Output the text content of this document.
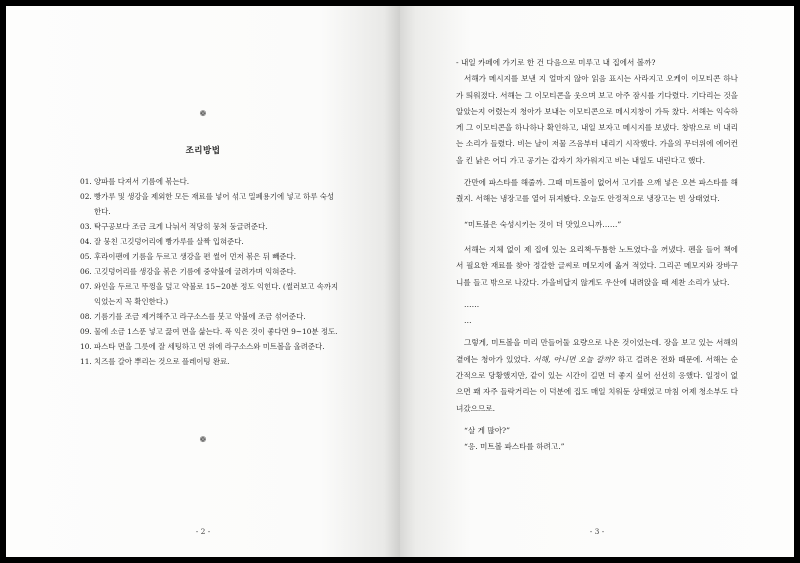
❁
조리방법
01. 양파를 다져서 기름에 볶는다.
02. 빵가루 및 생강을 제외한 모든 재료를 넣어 섞고 밀폐용기에 넣고 하루 숙성한다.
03. 탁구공보다 조금 크게 나눠서 적당히 뭉쳐 둥글려준다.
04. 잘 뭉친 고깃덩어리에 빵가루를 살짝 입혀준다.
05. 후라이팬에 기름을 두르고 생강을 편 썰어 먼저 볶은 뒤 빼준다.
06. 고깃덩어리를 생강을 볶은 기름에 중약불에 굴려가며 익혀준다.
07. 와인을 두르고 뚜껑을 덮고 약불로 15~20분 정도 익힌다. (썰러보고 속까지 익었는지 꼭 확인한다.)
08. 기름기를 조금 제거해주고 라구소스를 붓고 약불에 조금 섞어준다.
09. 물에 소금 1스푼 넣고 끓여 면을 삶는다. 푹 익은 것이 좋다면 9~10분 정도.
10. 파스타 면을 그릇에 잘 세팅하고 면 위에 라구소스와 미트볼을 올려준다.
11. 치즈를 갈아 뿌리는 것으로 플레이팅 완료.
❁
- 2 -

- 내일 카페에 가기로 한 건 다음으로 미루고 내 집에서 볼까?

서해가 메시지를 보낸 지 얼마지 않아 읽음 표시는 사라지고 오케이 이모티콘 하나가 띄워졌다. 서해는 그 이모티콘을 웃으며 보고 아주 잠시를 기다렸다. 기다리는 것을 알았는지 어렸는지 청아가 보내는 이모티콘으로 메시지창이 가득 찼다. 서해는 익숙하게 그 이모티콘을 하나하나 확인하고, 내일 보자고 메시지를 보냈다. 창밖으로 비 내리는 소리가 들렸다. 비는 날이 저물 즈음부터 내리기 시작했다. 가을의 무더위에 에어컨을 킨 낡은 어디 가고 공기는 갑자기 차가워지고 비는 내일도 내린다고 했다.

간만에 파스타를 해줄까. 그때 미트볼이 없어서 고기를 으깨 넣은 오븐 파스타를 해줬지. 서해는 냉장고를 열어 뒤져봤다. 오늘도 안정적으로 냉장고는 빈 상태였다.

“미트볼은 숙성시키는 것이 더 맛있으니까……”

서해는 지체 없이 제 집에 있는 요리책-두툼한 노트였다-을 꺼냈다. 펜을 들어 책에서 필요한 재료를 찾아 정갈한 글씨로 메모지에 옮겨 적었다. 그리곤 메모지와 장바구니를 들고 밖으로 나갔다. 가을비답지 않게도 우산에 내려앉을 때 세찬 소리가 났다.

……

…

그렇게, 미트볼을 미리 만들어둘 요량으로 나온 것이었는데. 장을 보고 있는 서해의 곁에는 청아가 있었다. 서해, 아니면 오늘 갈까? 하고 걸려온 전화 때문에. 서해는 순간적으로 당황했지만, 같이 있는 시간이 길면 더 좋지 싶어 선선히 응했다. 일정이 없으면 꽤 자주 들락거리는 이 덕분에 집도 매일 치워둔 상태였고 마침 어제 청소부도 다녀갔으므로.

“살 게 많아?”

“응. 미트볼 파스타를 하려고.”

- 3 -
